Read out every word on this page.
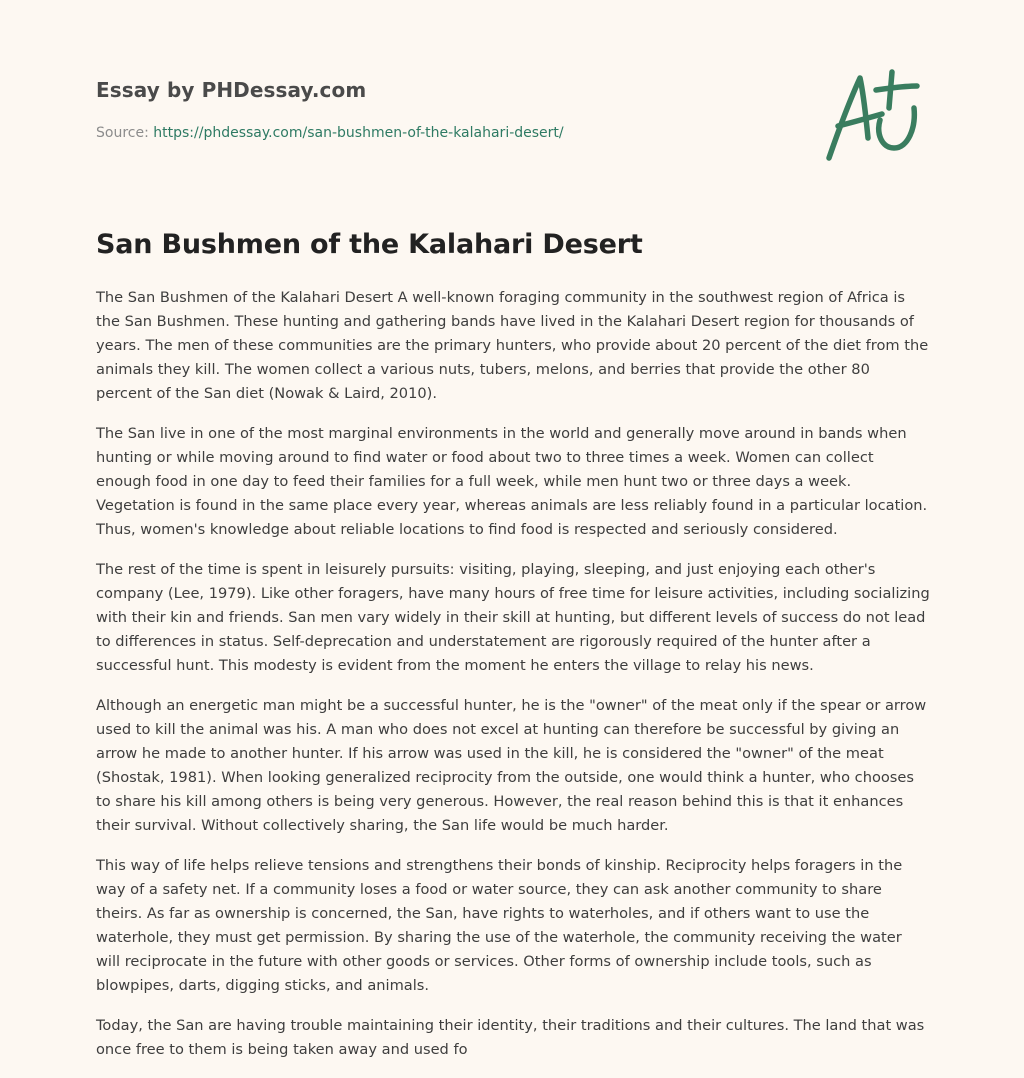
Essay by PHDessay.com
Source: https://phdessay.com/san-bushmen-of-the-kalahari-desert/
San Bushmen of the Kalahari Desert

The San Bushmen of the Kalahari Desert A well-known foraging community in the southwest region of Africa is the San Bushmen. These hunting and gathering bands have lived in the Kalahari Desert region for thousands of years. The men of these communities are the primary hunters, who provide about 20 percent of the diet from the animals they kill. The women collect a various nuts, tubers, melons, and berries that provide the other 80 percent of the San diet (Nowak & Laird, 2010).

The San live in one of the most marginal environments in the world and generally move around in bands when hunting or while moving around to find water or food about two to three times a week. Women can collect enough food in one day to feed their families for a full week, while men hunt two or three days a week. Vegetation is found in the same place every year, whereas animals are less reliably found in a particular location. Thus, women's knowledge about reliable locations to find food is respected and seriously considered.

The rest of the time is spent in leisurely pursuits: visiting, playing, sleeping, and just enjoying each other's company (Lee, 1979). Like other foragers, have many hours of free time for leisure activities, including socializing with their kin and friends. San men vary widely in their skill at hunting, but different levels of success do not lead to differences in status. Self-deprecation and understatement are rigorously required of the hunter after a successful hunt. This modesty is evident from the moment he enters the village to relay his news.

Although an energetic man might be a successful hunter, he is the "owner" of the meat only if the spear or arrow used to kill the animal was his. A man who does not excel at hunting can therefore be successful by giving an arrow he made to another hunter. If his arrow was used in the kill, he is considered the "owner" of the meat (Shostak, 1981). When looking generalized reciprocity from the outside, one would think a hunter, who chooses to share his kill among others is being very generous. However, the real reason behind this is that it enhances their survival. Without collectively sharing, the San life would be much harder.

This way of life helps relieve tensions and strengthens their bonds of kinship. Reciprocity helps foragers in the way of a safety net. If a community loses a food or water source, they can ask another community to share theirs. As far as ownership is concerned, the San, have rights to waterholes, and if others want to use the waterhole, they must get permission. By sharing the use of the waterhole, the community receiving the water will reciprocate in the future with other goods or services. Other forms of ownership include tools, such as blowpipes, darts, digging sticks, and animals.

Today, the San are having trouble maintaining their identity, their traditions and their cultures. The land that was once free to them is being taken away and used fo
